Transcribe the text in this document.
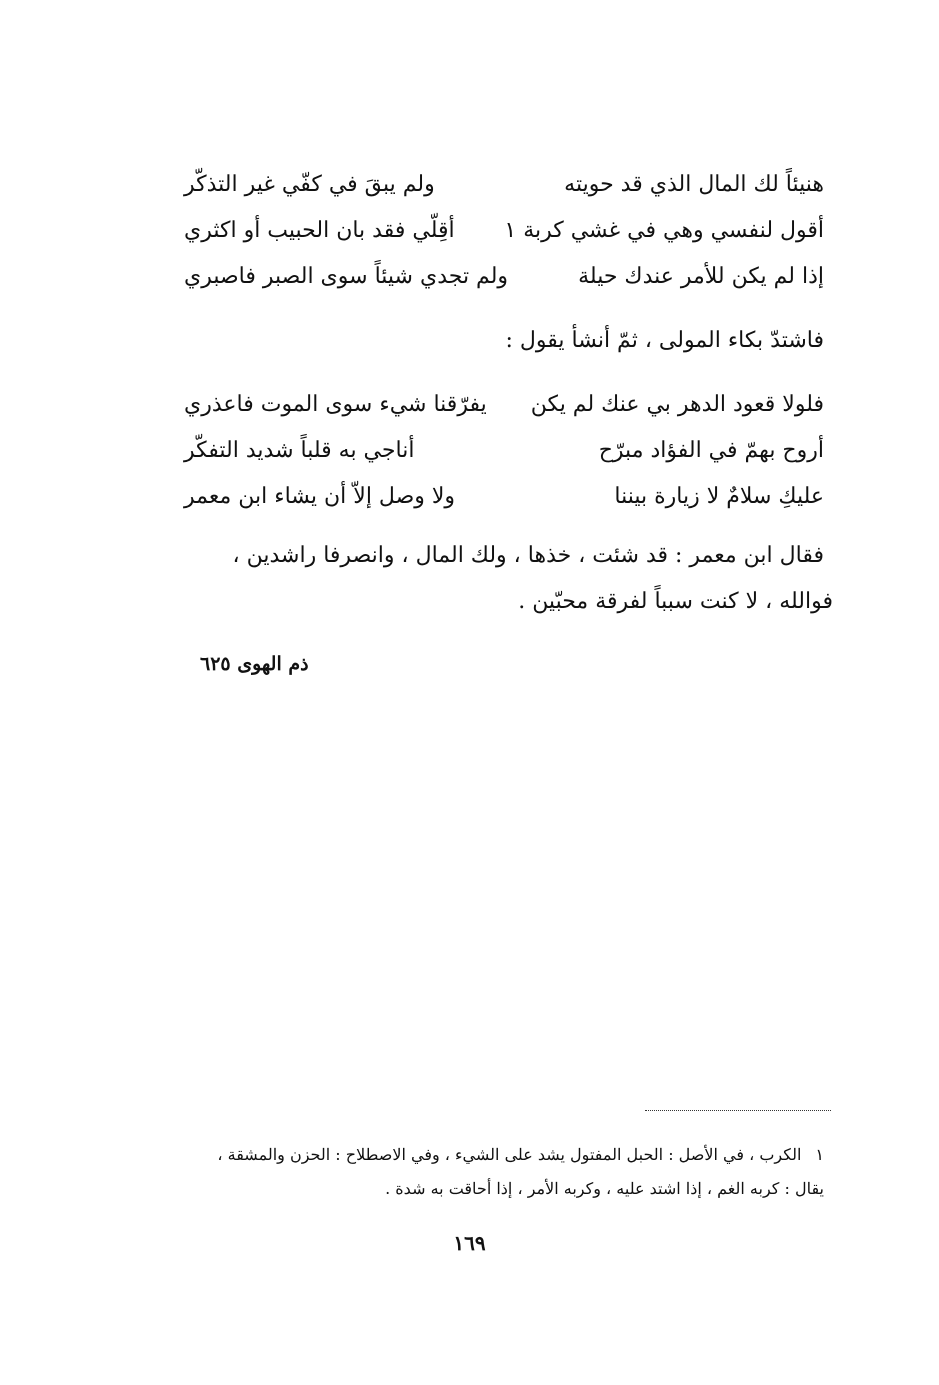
هنيئاً لك المال الذي قد حويته
ولم يبقَ في كفّي غير التذكّر
أقول لنفسي وهي في غشي كربة ١
أقِلّي فقد بان الحبيب أو اكثري
إذا لم يكن للأمر عندك حيلة
ولم تجدي شيئاً سوى الصبر فاصبري
فاشتدّ بكاء المولى ، ثمّ أنشأ يقول :
فلولا قعود الدهر بي عنك لم يكن
يفرّقنا شيء سوى الموت فاعذري
أروح بهمّ في الفؤاد مبرّح
أناجي به قلباً شديد التفكّر
عليكِ سلامٌ لا زيارة بيننا
ولا وصل إلاّ أن يشاء ابن معمر
فقال ابن معمر : قد شئت ، خذها ، ولك المال ، وانصرفا راشدين ،
فوالله ، لا كنت سبباً لفرقة محبّين .
ذم الهوى ٦٢٥
١الكرب ، في الأصل : الحبل المفتول يشد على الشيء ، وفي الاصطلاح : الحزن والمشقة ،
يقال : كربه الغم ، إذا اشتد عليه ، وكربه الأمر ، إذا أحاقت به شدة .
١٦٩
